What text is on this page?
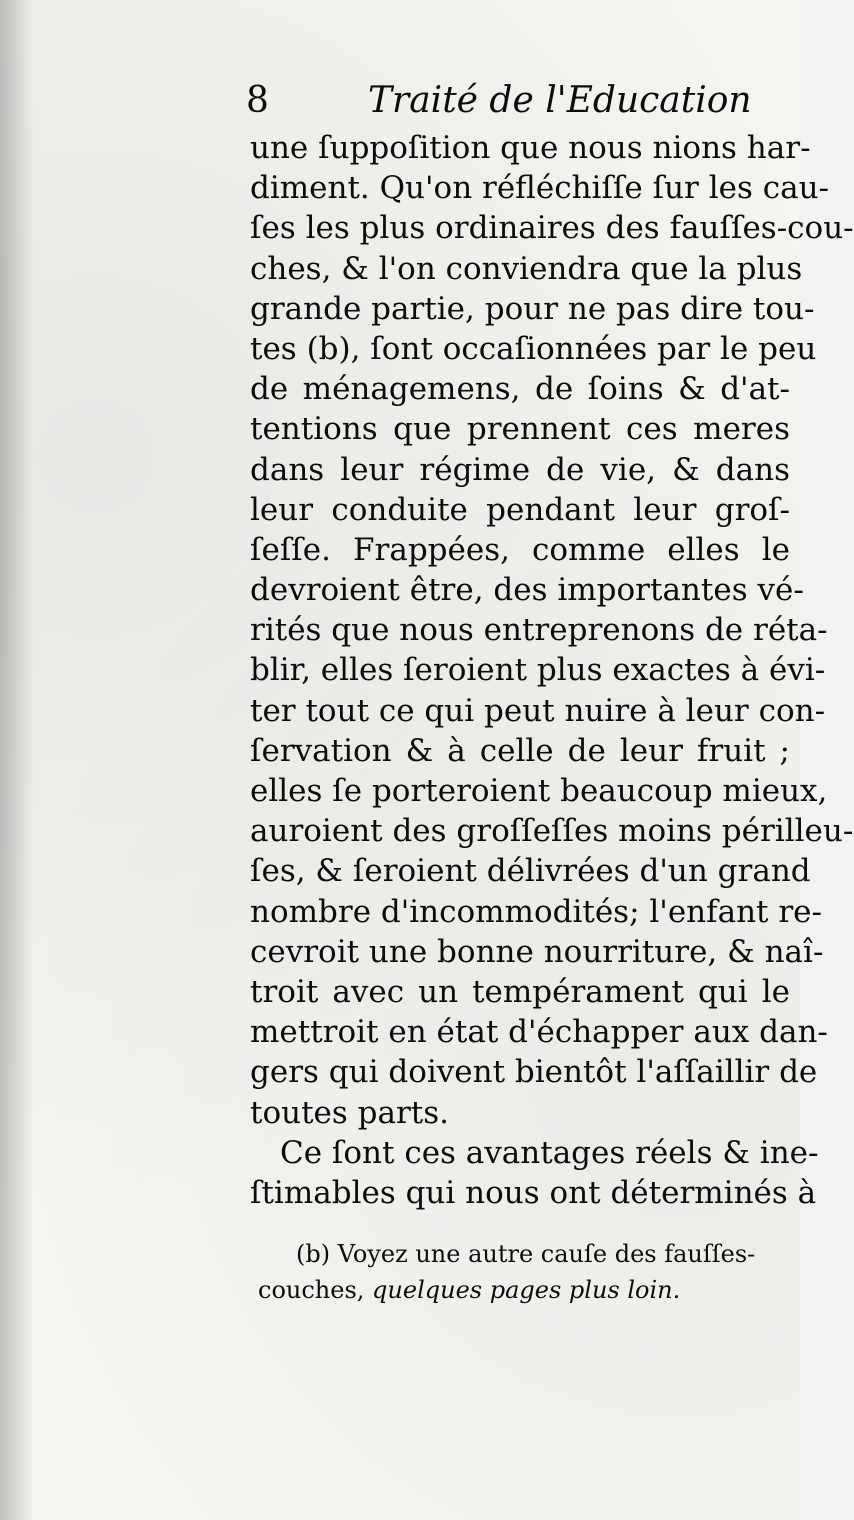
8	Traité de l'Education
une ſuppoſition que nous nions har-
diment. Qu'on réfléchiſſe ſur les cau-
ſes les plus ordinaires des fauſſes-cou-
ches, & l'on conviendra que la plus
grande partie, pour ne pas dire tou-
tes (b), ſont occaſionnées par le peu
de ménagemens, de ſoins & d'at-
tentions que prennent ces meres
dans leur régime de vie, & dans
leur conduite pendant leur groſ-
ſeſſe. Frappées, comme elles le
devroient être, des importantes vé-
rités que nous entreprenons de réta-
blir, elles ſeroient plus exactes à évi-
ter tout ce qui peut nuire à leur con-
ſervation & à celle de leur fruit ;
elles ſe porteroient beaucoup mieux,
auroient des groſſeſſes moins périlleu-
ſes, & ſeroient délivrées d'un grand
nombre d'incommodités; l'enfant re-
cevroit une bonne nourriture, & naî-
troit avec un tempérament qui le
mettroit en état d'échapper aux dan-
gers qui doivent bientôt l'aſſaillir de
toutes parts.
Ce ſont ces avantages réels & ine-
ſtimables qui nous ont déterminés à
(b) Voyez une autre cauſe des fauſſes-
couches, quelques pages plus loin.
